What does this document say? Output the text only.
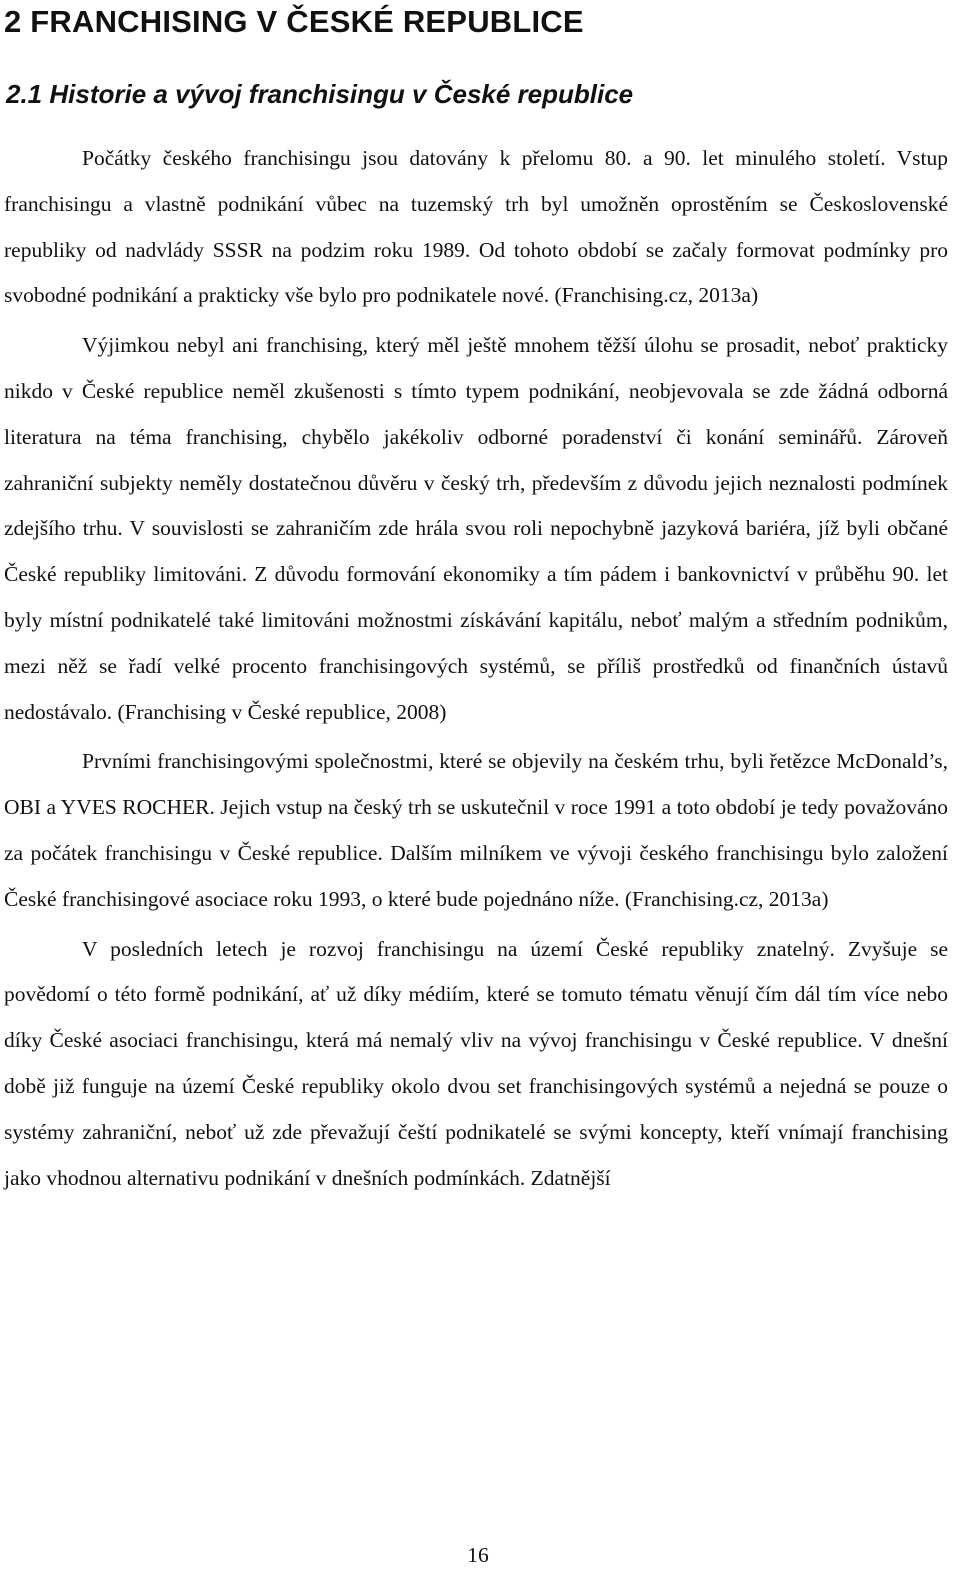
2 FRANCHISING V ČESKÉ REPUBLICE
2.1 Historie a vývoj franchisingu v České republice

Počátky českého franchisingu jsou datovány k přelomu 80. a 90. let minulého století. Vstup franchisingu a vlastně podnikání vůbec na tuzemský trh byl umožněn oprostěním se Československé republiky od nadvlády SSSR na podzim roku 1989. Od tohoto období se začaly formovat podmínky pro svobodné podnikání a prakticky vše bylo pro podnikatele nové. (Franchising.cz, 2013a)

Výjimkou nebyl ani franchising, který měl ještě mnohem těžší úlohu se prosadit, neboť prakticky nikdo v České republice neměl zkušenosti s tímto typem podnikání, neobjevovala se zde žádná odborná literatura na téma franchising, chybělo jakékoliv odborné poradenství či konání seminářů. Zároveň zahraniční subjekty neměly dostatečnou důvěru v český trh, především z důvodu jejich neznalosti podmínek zdejšího trhu. V souvislosti se zahraničím zde hrála svou roli nepochybně jazyková bariéra, jíž byli občané České republiky limitováni. Z důvodu formování ekonomiky a tím pádem i bankovnictví v průběhu 90. let byly místní podnikatelé také limitováni možnostmi získávání kapitálu, neboť malým a středním podnikům, mezi něž se řadí velké procento franchisingových systémů, se příliš prostředků od finančních ústavů nedostávalo. (Franchising v České republice, 2008)

Prvními franchisingovými společnostmi, které se objevily na českém trhu, byli řetězce McDonald’s, OBI a YVES ROCHER. Jejich vstup na český trh se uskutečnil v roce 1991 a toto období je tedy považováno za počátek franchisingu v České republice. Dalším milníkem ve vývoji českého franchisingu bylo založení České franchisingové asociace roku 1993, o které bude pojednáno níže. (Franchising.cz, 2013a)

V posledních letech je rozvoj franchisingu na území České republiky znatelný. Zvyšuje se povědomí o této formě podnikání, ať už díky médiím, které se tomuto tématu věnují čím dál tím více nebo díky České asociaci franchisingu, která má nemalý vliv na vývoj franchisingu v České republice. V dnešní době již funguje na území České republiky okolo dvou set franchisingových systémů a nejedná se pouze o systémy zahraniční, neboť už zde převažují čeští podnikatelé se svými koncepty, kteří vnímají franchising jako vhodnou alternativu podnikání v dnešních podmínkách. Zdatnější

16
